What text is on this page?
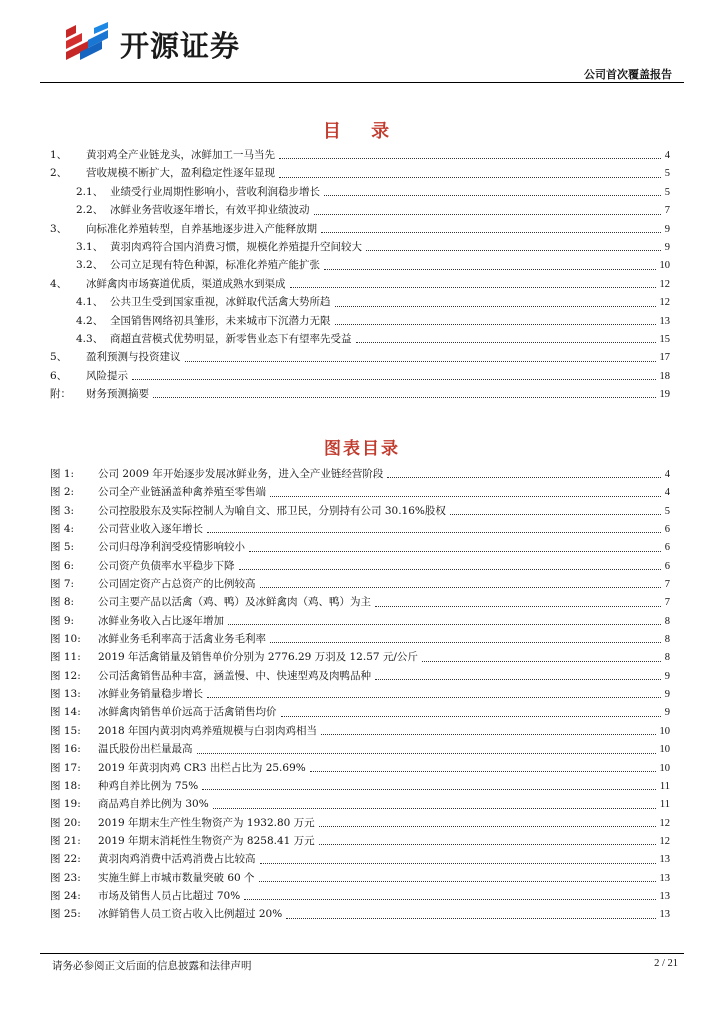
开源证券
公司首次覆盖报告
目 录
1、	黄羽鸡全产业链龙头，冰鲜加工一马当先	4
2、	营收规模不断扩大，盈利稳定性逐年显现	5
2.1、 业绩受行业周期性影响小，营收利润稳步增长	5
2.2、 冰鲜业务营收逐年增长，有效平抑业绩波动	7
3、	向标准化养殖转型，自养基地逐步进入产能释放期	9
3.1、 黄羽肉鸡符合国内消费习惯，规模化养殖提升空间较大	9
3.2、 公司立足现有特色种源，标准化养殖产能扩张	10
4、	冰鲜禽肉市场赛道优质，渠道成熟水到渠成	12
4.1、 公共卫生受到国家重视，冰鲜取代活禽大势所趋	12
4.2、 全国销售网络初具雏形，未来城市下沉潜力无限	13
4.3、 商超直营模式优势明显，新零售业态下有望率先受益	15
5、	盈利预测与投资建议	17
6、	风险提示	18
附：	财务预测摘要	19
图表目录
图 1:	公司 2009 年开始逐步发展冰鲜业务，进入全产业链经营阶段	4
图 2:	公司全产业链涵盖种禽养殖至零售端	4
图 3:	公司控股股东及实际控制人为喻自文、邢卫民，分别持有公司 30.16%股权	5
图 4:	公司营业收入逐年增长	6
图 5:	公司归母净利润受疫情影响较小	6
图 6:	公司资产负债率水平稳步下降	6
图 7:	公司固定资产占总资产的比例较高	7
图 8:	公司主要产品以活禽（鸡、鸭）及冰鲜禽肉（鸡、鸭）为主	7
图 9:	冰鲜业务收入占比逐年增加	8
图 10:	冰鲜业务毛利率高于活禽业务毛利率	8
图 11:	2019 年活禽销量及销售单价分别为 2776.29 万羽及 12.57 元/公斤	8
图 12:	公司活禽销售品种丰富，涵盖慢、中、快速型鸡及肉鸭品种	9
图 13:	冰鲜业务销量稳步增长	9
图 14:	冰鲜禽肉销售单价远高于活禽销售均价	9
图 15:	2018 年国内黄羽肉鸡养殖规模与白羽肉鸡相当	10
图 16:	温氏股份出栏量最高	10
图 17:	2019 年黄羽肉鸡 CR3 出栏占比为 25.69%	10
图 18:	种鸡自养比例为 75%	11
图 19:	商品鸡自养比例为 30%	11
图 20:	2019 年期末生产性生物资产为 1932.80 万元	12
图 21:	2019 年期末消耗性生物资产为 8258.41 万元	12
图 22:	黄羽肉鸡消费中活鸡消费占比较高	13
图 23:	实施生鲜上市城市数量突破 60 个	13
图 24:	市场及销售人员占比超过 70%	13
图 25:	冰鲜销售人员工资占收入比例超过 20%	13
请务必参阅正文后面的信息披露和法律声明	2 / 21
